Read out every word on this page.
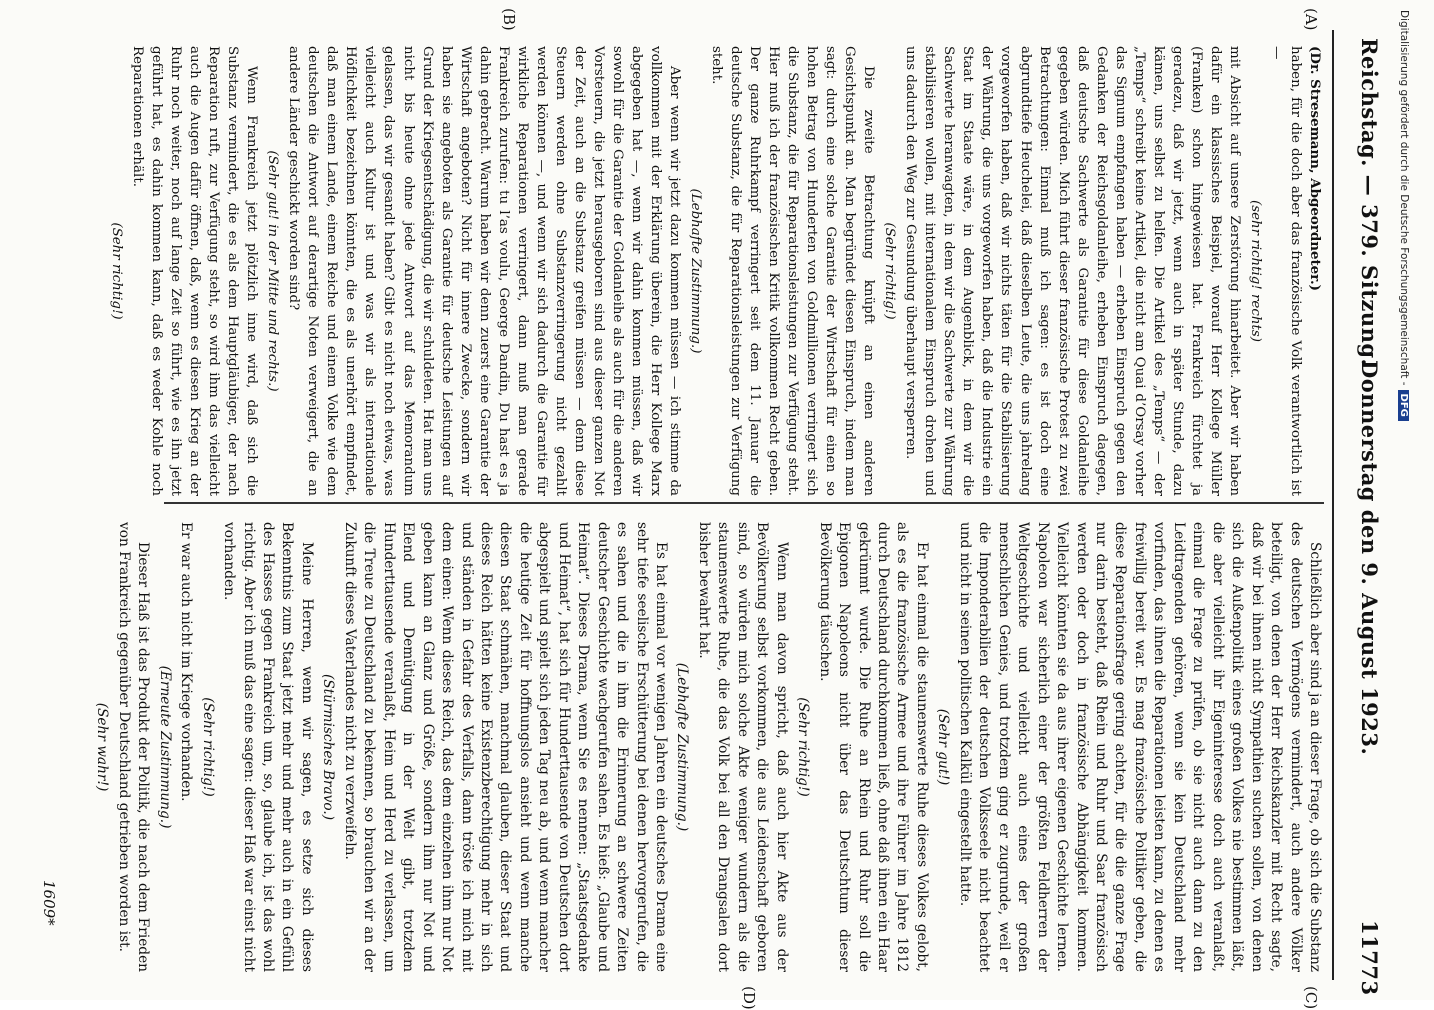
Reichstag. — 379. Sitzung.
Donnerstag den 9. August 1923.
11773
(A)
(B)
(C)
(D)

(Dr. Stresemann, Abgeordneter.)

haben, für die doch aber das französische Volk verantwortlich ist —

(sehr richtig! rechts)

mit Absicht auf unsere Zerstörung hinarbeitet. Aber wir haben dafür ein klassisches Beispiel, worauf Herr Kollege Müller (Franken) schon hingewiesen hat. Frankreich fürchtet ja geradezu, daß wir jetzt, wenn auch in später Stunde, dazu kämen, uns selbst zu helfen. Die Artikel des „Temps“ — der „Temps“ schreibt keine Artikel, die nicht am Quai d’Orsay vorher das Signum empfangen haben — erheben Einspruch gegen den Gedanken der Reichsgoldanleihe, erheben Einspruch dagegen, daß deutsche Sachwerte als Garantie für diese Goldanleihe gegeben würden. Mich führt dieser französische Protest zu zwei Betrachtungen: Einmal muß ich sagen: es ist doch eine abgrundtiefe Heuchelei, daß dieselben Leute, die uns jahrelang vorgeworfen haben, daß wir nichts täten für die Stabilisierung der Währung, die uns vorgeworfen haben, daß die Industrie ein Staat im Staate wäre, in dem Augenblick, in dem wir die Sachwerte heranwagten, in dem wir die Sachwerte zur Währung stabilisieren wollen, mit internationalem Einspruch drohen und uns dadurch den Weg zur Gesundung überhaupt versperren.

(Sehr richtig!)

Die zweite Betrachtung knüpft an einen anderen Gesichtspunkt an. Man begründet diesen Einspruch, indem man sagt: durch eine solche Garantie der Wirtschaft für einen so hohen Betrag von Hunderten von Goldmillionen verringert sich die Substanz, die für Reparationsleistungen zur Verfügung steht. Hier muß ich der französischen Kritik vollkommen Recht geben. Der ganze Ruhrkampf verringert seit dem 11. Januar die deutsche Substanz, die für Reparationsleistungen zur Verfügung steht.

(Lebhafte Zustimmung.)

Aber wenn wir jetzt dazu kommen müssen — ich stimme da vollkommen mit der Erklärung überein, die Herr Kollege Marx abgegeben hat —, wenn wir dahin kommen müssen, daß wir sowohl für die Garantie der Goldanleihe als auch für die anderen Vorsteuern, die jetzt herausgeboren sind aus dieser ganzen Not der Zeit, auch an die Substanz greifen müssen — denn diese Steuern werden ohne Substanzverringerung nicht gezahlt werden können —, und wenn wir sich dadurch die Garantie für wirkliche Reparationen verringert, dann muß man gerade Frankreich zurufen: tu l’as voulu, George Dandin, Du hast es ja dahin gebracht. Warum haben wir denn zuerst eine Garantie der Wirtschaft angeboten? Nicht für innere Zwecke, sondern wir haben sie angeboten als Garantie für deutsche Leistungen auf Grund der Kriegsentschädigung, die wir schuldeten. Hat man uns nicht bis heute ohne jede Antwort auf das Memorandum gelassen, das wir gesandt haben? Gibt es nicht noch etwas, was vielleicht auch Kultur ist und was wir als internationale Höflichkeit bezeichnen könnten, die es als unerhört empfindet, daß man einem Lande, einem Reiche und einem Volke wie dem deutschen die Antwort auf derartige Noten verweigert, die an andere Länder geschickt worden sind?

(Sehr gut! in der Mitte und rechts.)

Wenn Frankreich jetzt plötzlich inne wird, daß sich die Substanz vermindert, die es als dem Hauptgläubiger, der nach Reparation ruft, zur Verfügung steht, so wird ihm das vielleicht auch die Augen dafür öffnen, daß, wenn es diesen Krieg an der Ruhr noch weiter, noch auf lange Zeit so führt, wie es ihn jetzt geführt hat, es dahin kommen kann, daß es weder Kohle noch Reparationen erhält.

(Sehr richtig!)

Schließlich aber sind ja an dieser Frage, ob sich die Substanz des deutschen Vermögens vermindert, auch andere Völker beteiligt, von denen der Herr Reichskanzler mit Recht sagte, daß wir bei ihnen nicht Sympathien suchen sollen, von denen sich die Außenpolitik eines großen Volkes nie bestimmen läßt, die aber vielleicht ihr Eigeninteresse doch auch veranlaßt, einmal die Frage zu prüfen, ob sie nicht auch dann zu den Leidtragenden gehören, wenn sie kein Deutschland mehr vorfinden, das ihnen die Reparationen leisten kann, zu denen es freiwillig bereit war. Es mag französische Politiker geben, die diese Reparationsfrage gering achten, für die die ganze Frage nur darin besteht, daß Rhein und Ruhr und Saar französisch werden oder doch in französische Abhängigkeit kommen. Vielleicht könnten sie da aus ihrer eigenen Geschichte lernen. Napoleon war sicherlich einer der größten Feldherren der Weltgeschichte und vielleicht auch eines der großen menschlichen Genies, und trotzdem ging er zugrunde, weil er die Imponderabilien der deutschen Volksseele nicht beachtet und nicht in seinen politischen Kalkül eingestellt hatte.

(Sehr gut!)

Er hat einmal die staunenswerte Ruhe dieses Volkes gelobt, als es die französische Armee und ihre Führer im Jahre 1812 durch Deutschland durchkommen ließ, ohne daß ihnen ein Haar gekrümmt wurde. Die Ruhe an Rhein und Ruhr soll die Epigonen Napoleons nicht über das Deutschtum dieser Bevölkerung täuschen.

(Sehr richtig!)

Wenn man davon spricht, daß auch hier Akte aus der Bevölkerung selbst vorkommen, die aus Leidenschaft geboren sind, so würden mich solche Akte weniger wundern als die staunenswerte Ruhe, die das Volk bei all den Drangsalen dort bisher bewahrt hat.

(Lebhafte Zustimmung.)

Es hat einmal vor wenigen Jahren ein deutsches Drama eine sehr tiefe seelische Erschütterung bei denen hervorgerufen, die es sahen und die in ihm die Erinnerung an schwere Zeiten deutscher Geschichte wachgerufen sahen. Es hieß: „Glaube und Heimat“. Dieses Drama, wenn Sie es nennen: „Staatsgedanke und Heimat“, hat sich für Hunderttausende von Deutschen dort abgespielt und spielt sich jeden Tag neu ab, und wenn mancher die heutige Zeit für hoffnungslos ansieht und wenn manche diesen Staat schmähen, manchmal glauben, dieser Staat und dieses Reich hätten keine Existenzberechtigung mehr in sich und ständen in Gefahr des Verfalls, dann tröste ich mich mit dem einen: Wenn dieses Reich, das dem einzelnen ihm nur Not geben kann an Glanz und Größe, sondern ihm nur Not und Elend und Demütigung in der Welt gibt, trotzdem Hunderttausende veranlaßt, Heim und Herd zu verlassen, um die Treue zu Deutschland zu bekennen, so brauchen wir an der Zukunft dieses Vaterlandes nicht zu verzweifeln.

(Stürmisches Bravo.)

Meine Herren, wenn wir sagen, es setze sich dieses Bekenntnis zum Staat jetzt mehr und mehr auch in ein Gefühl des Hasses gegen Frankreich um, so, glaube ich, ist das wohl richtig. Aber ich muß das eine sagen: dieser Haß war einst nicht vorhanden.

(Sehr richtig!)

Er war auch nicht im Kriege vorhanden.

(Erneute Zustimmung.)

Dieser Haß ist das Produkt der Politik, die nach dem Frieden von Frankreich gegenüber Deutschland getrieben worden ist.

(Sehr wahr!)
1609*
Digitalisierung gefördert durch die Deutsche Forschungsgemeinschaft -DFG
